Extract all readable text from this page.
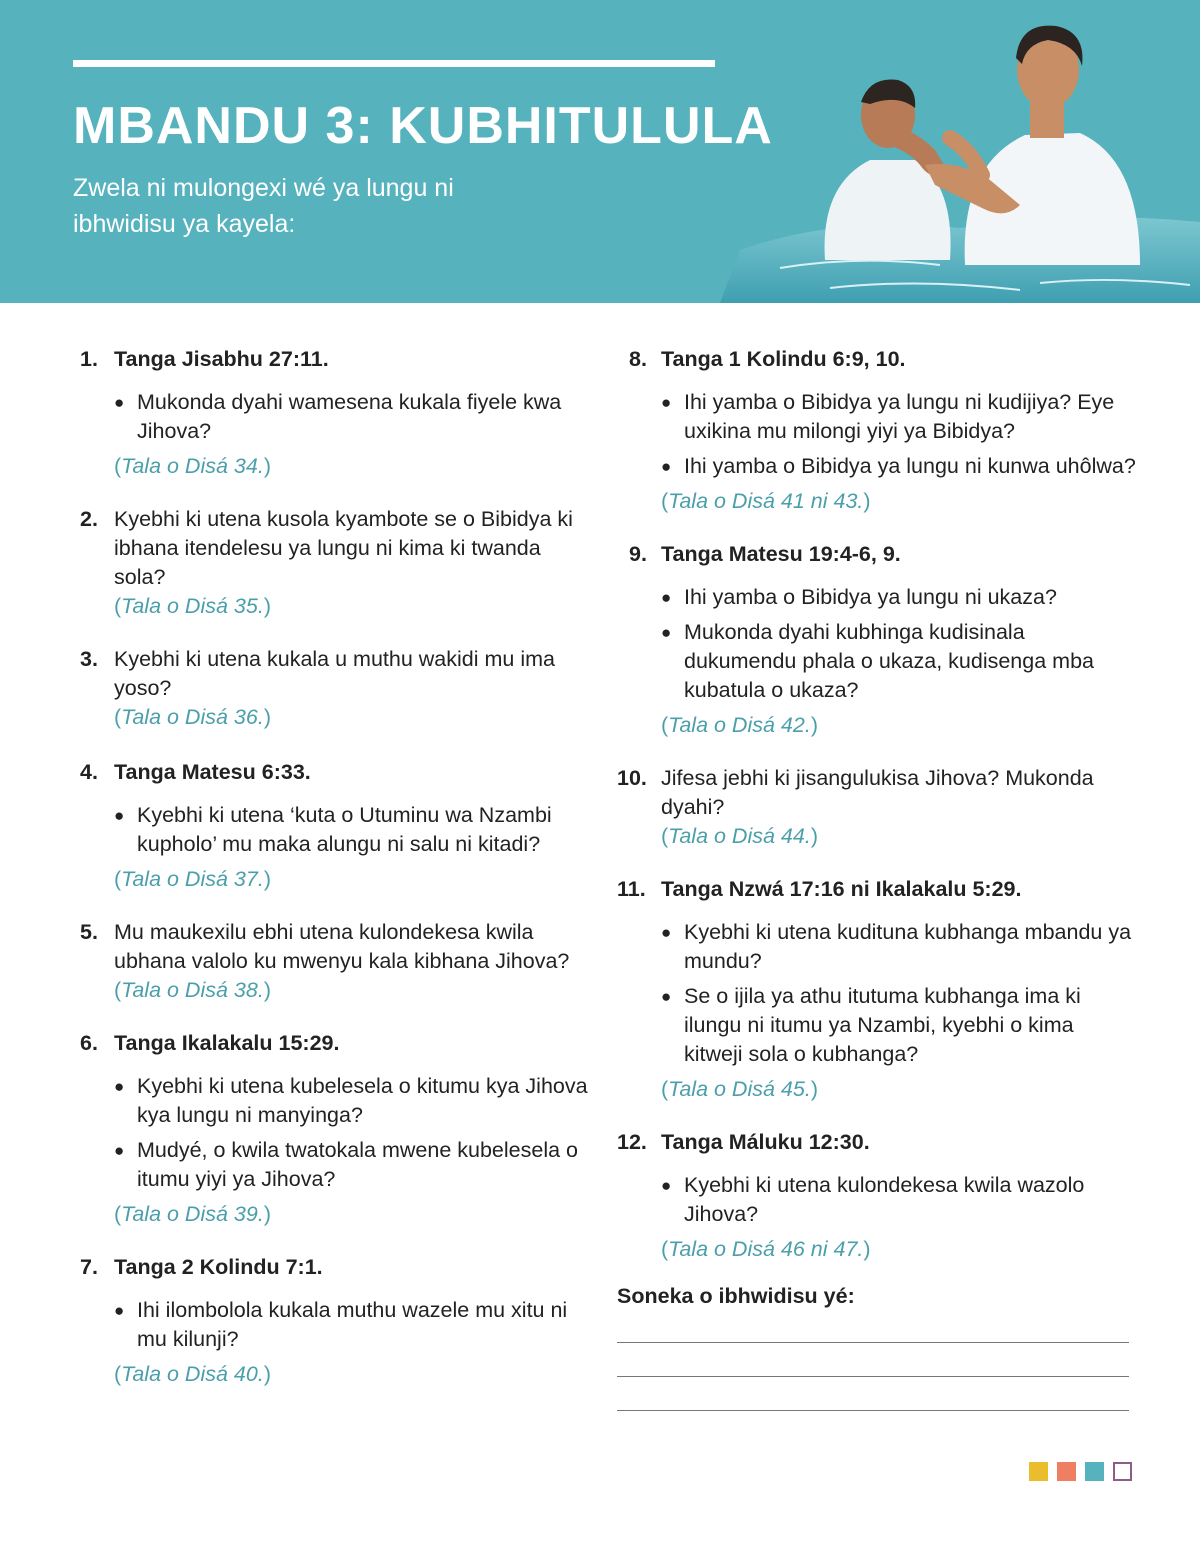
MBANDU 3: KUBHITULULA

Zwela ni mulongexi wé ya lungu ni ibhwidisu ya kayela:

1. Tanga Jisabhu 27:11.
● Mukonda dyahi wamesena kukala fiyele kwa Jihova?
(Tala o Disá 34.)
2. Kyebhi ki utena kusola kyambote se o Bibidya ki ibhana itendelesu ya lungu ni kima ki twanda sola?
(Tala o Disá 35.)
3. Kyebhi ki utena kukala u muthu wakidi mu ima yoso?
(Tala o Disá 36.)
4. Tanga Matesu 6:33.
● Kyebhi ki utena ‘kuta o Utuminu wa Nzambi kupholo’ mu maka alungu ni salu ni kitadi?
(Tala o Disá 37.)
5. Mu maukexilu ebhi utena kulondekesa kwila ubhana valolo ku mwenyu kala kibhana Jihova?
(Tala o Disá 38.)
6. Tanga Ikalakalu 15:29.
● Kyebhi ki utena kubelesela o kitumu kya Jihova kya lungu ni manyinga?
● Mudyé, o kwila twatokala mwene kubelesela o itumu yiyi ya Jihova?
(Tala o Disá 39.)
7. Tanga 2 Kolindu 7:1.
● Ihi ilombolola kukala muthu wazele mu xitu ni mu kilunji?
(Tala o Disá 40.)
8. Tanga 1 Kolindu 6:9, 10.
● Ihi yamba o Bibidya ya lungu ni kudijiya? Eye uxikina mu milongi yiyi ya Bibidya?
● Ihi yamba o Bibidya ya lungu ni kunwa uhôlwa?
(Tala o Disá 41 ni 43.)
9. Tanga Matesu 19:4-6, 9.
● Ihi yamba o Bibidya ya lungu ni ukaza?
● Mukonda dyahi kubhinga kudisinala dukumendu phala o ukaza, kudisenga mba kubatula o ukaza?
(Tala o Disá 42.)
10. Jifesa jebhi ki jisangulukisa Jihova? Mukonda dyahi?
(Tala o Disá 44.)
11. Tanga Nzwá 17:16 ni Ikalakalu 5:29.
● Kyebhi ki utena kudituna kubhanga mbandu ya mundu?
● Se o ijila ya athu itutuma kubhanga ima ki ilungu ni itumu ya Nzambi, kyebhi o kima kitweji sola o kubhanga?
(Tala o Disá 45.)
12. Tanga Máluku 12:30.
● Kyebhi ki utena kulondekesa kwila wazolo Jihova?
(Tala o Disá 46 ni 47.)
Soneka o ibhwidisu yé:
